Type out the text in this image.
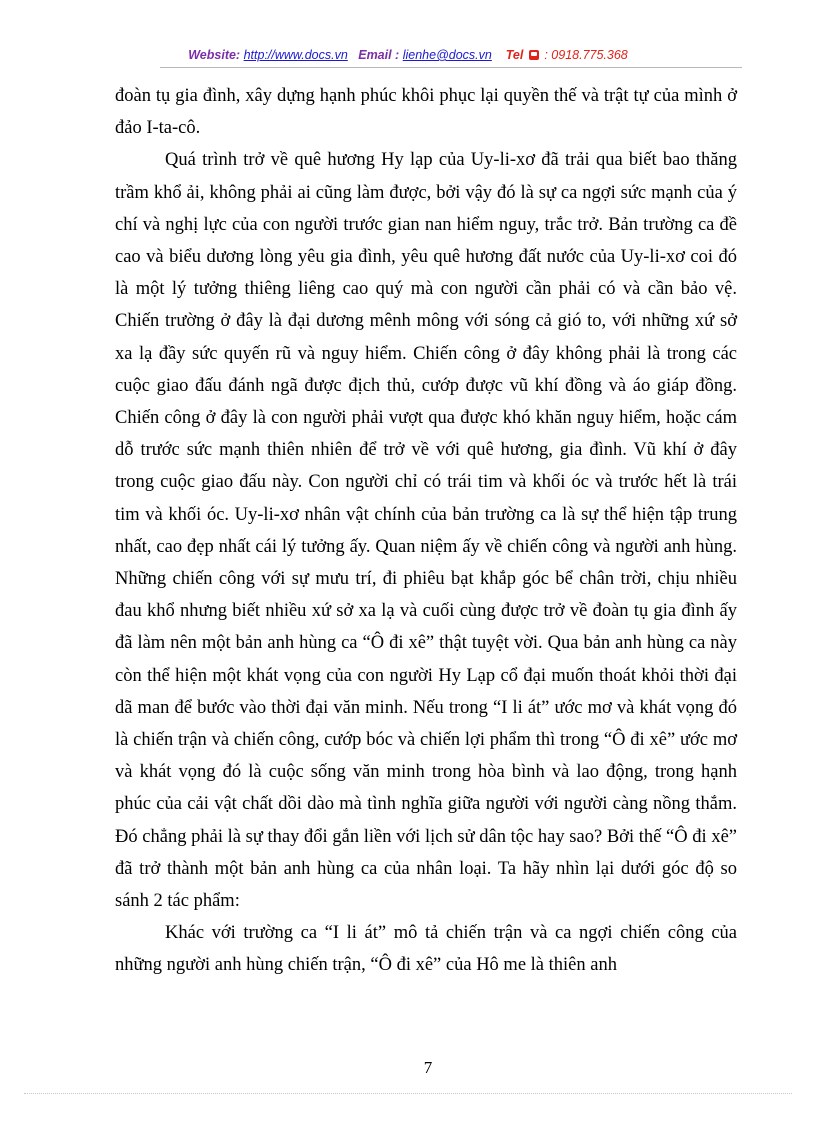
Website: http://www.docs.vn Email : lienhe@docs.vn Tel : 0918.775.368

đoàn tụ gia đình, xây dựng hạnh phúc khôi phục lại quyền thế và trật tự của mình ở đảo I-ta-cô.

Quá trình trở về quê hương Hy lạp của Uy-li-xơ đã trải qua biết bao thăng trầm khổ ải, không phải ai cũng làm được, bởi vậy đó là sự ca ngợi sức mạnh của ý chí và nghị lực của con người trước gian nan hiểm nguy, trắc trở. Bản trường ca đề cao và biểu dương lòng yêu gia đình, yêu quê hương đất nước của Uy-li-xơ coi đó là một lý tưởng thiêng liêng cao quý mà con người cần phải có và cần bảo vệ. Chiến trường ở đây là đại dương mênh mông với sóng cả gió to, với những xứ sở xa lạ đầy sức quyến rũ và nguy hiểm. Chiến công ở đây không phải là trong các cuộc giao đấu đánh ngã được địch thủ, cướp được vũ khí đồng và áo giáp đồng. Chiến công ở đây là con người phải vượt qua được khó khăn nguy hiểm, hoặc cám dỗ trước sức mạnh thiên nhiên để trở về với quê hương, gia đình. Vũ khí ở đây trong cuộc giao đấu này. Con người chỉ có trái tim và khối óc và trước hết là trái tim và khối óc. Uy-li-xơ nhân vật chính của bản trường ca là sự thể hiện tập trung nhất, cao đẹp nhất cái lý tưởng ấy. Quan niệm ấy về chiến công và người anh hùng. Những chiến công với sự mưu trí, đi phiêu bạt khắp góc bể chân trời, chịu nhiều đau khổ nhưng biết nhiều xứ sở xa lạ và cuối cùng được trở về đoàn tụ gia đình ấy đã làm nên một bản anh hùng ca “Ô đi xê” thật tuyệt vời. Qua bản anh hùng ca này còn thể hiện một khát vọng của con người Hy Lạp cổ đại muốn thoát khỏi thời đại dã man để bước vào thời đại văn minh. Nếu trong “I li át” ước mơ và khát vọng đó là chiến trận và chiến công, cướp bóc và chiến lợi phẩm thì trong “Ô đi xê” ước mơ và khát vọng đó là cuộc sống văn minh trong hòa bình và lao động, trong hạnh phúc của cải vật chất dồi dào mà tình nghĩa giữa người với người càng nồng thắm. Đó chẳng phải là sự thay đổi gắn liền với lịch sử dân tộc hay sao? Bởi thế “Ô đi xê” đã trở thành một bản anh hùng ca của nhân loại. Ta hãy nhìn lại dưới góc độ so sánh 2 tác phẩm:

Khác với trường ca “I li át” mô tả chiến trận và ca ngợi chiến công của những người anh hùng chiến trận, “Ô đi xê” của Hô me là thiên anh

7
